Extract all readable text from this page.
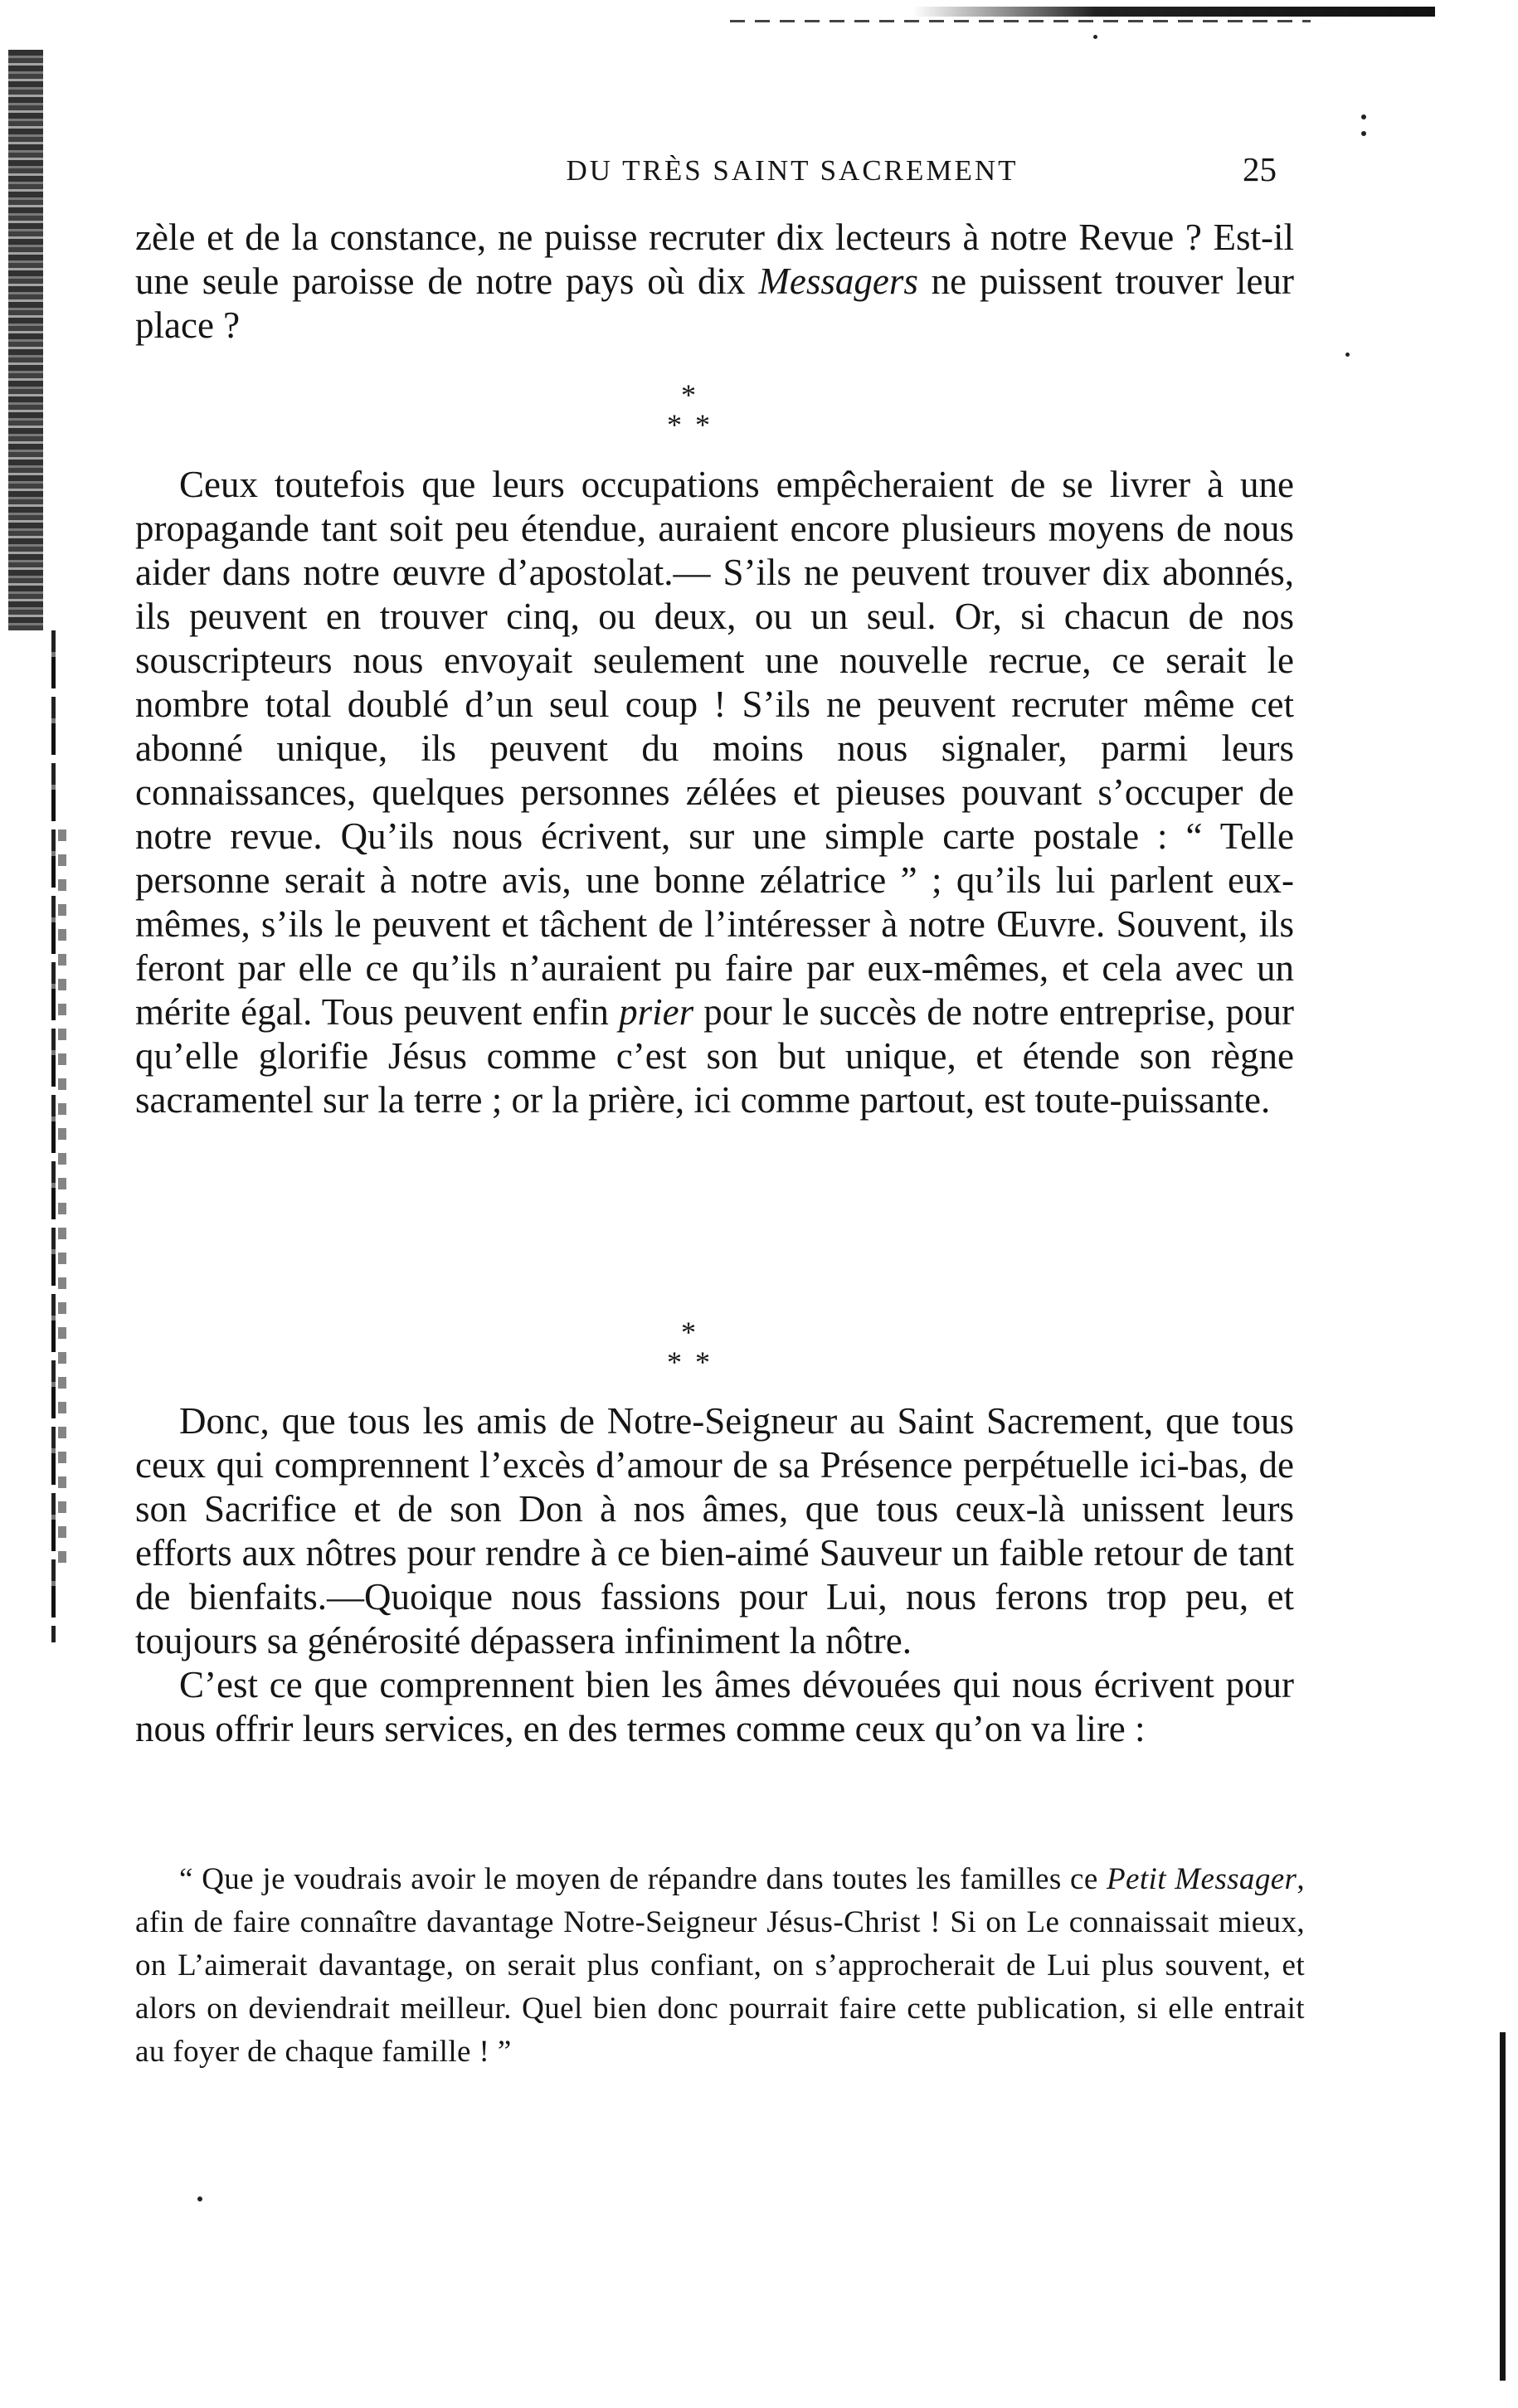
DU TRÈS SAINT SACREMENT	25

zèle et de la constance, ne puisse recruter dix lecteurs à notre Revue ? Est-il une seule paroisse de notre pays où dix Messagers ne puissent trouver leur place ?

*
**

Ceux toutefois que leurs occupations empêcheraient de se livrer à une propagande tant soit peu étendue, auraient encore plusieurs moyens de nous aider dans notre œuvre d’apostolat.— S’ils ne peuvent trouver dix abonnés, ils peuvent en trouver cinq, ou deux, ou un seul. Or, si chacun de nos souscripteurs nous envoyait seulement une nouvelle recrue, ce serait le nombre total doublé d’un seul coup ! S’ils ne peuvent recruter même cet abonné unique, ils peuvent du moins nous signaler, parmi leurs connaissances, quelques personnes zélées et pieuses pouvant s’occuper de notre revue. Qu’ils nous écrivent, sur une simple carte postale : “ Telle personne serait à notre avis, une bonne zélatrice ” ; qu’ils lui parlent eux-mêmes, s’ils le peuvent et tâchent de l’intéresser à notre Œuvre. Souvent, ils feront par elle ce qu’ils n’auraient pu faire par eux-mêmes, et cela avec un mérite égal. Tous peuvent enfin prier pour le succès de notre entreprise, pour qu’elle glorifie Jésus comme c’est son but unique, et étende son règne sacramentel sur la terre ; or la prière, ici comme partout, est toute-puissante.

*
**

Donc, que tous les amis de Notre-Seigneur au Saint Sacrement, que tous ceux qui comprennent l’excès d’amour de sa Présence perpétuelle ici-bas, de son Sacrifice et de son Don à nos âmes, que tous ceux-là unissent leurs efforts aux nôtres pour rendre à ce bien-aimé Sauveur un faible retour de tant de bienfaits.—Quoique nous fassions pour Lui, nous ferons trop peu, et toujours sa générosité dépassera infiniment la nôtre.

C’est ce que comprennent bien les âmes dévouées qui nous écrivent pour nous offrir leurs services, en des termes comme ceux qu’on va lire :

“ Que je voudrais avoir le moyen de répandre dans toutes les familles ce Petit Messager, afin de faire connaître davantage Notre-Seigneur Jésus-Christ ! Si on Le connaissait mieux, on L’aimerait davantage, on serait plus confiant, on s’approcherait de Lui plus souvent, et alors on deviendrait meilleur. Quel bien donc pourrait faire cette publication, si elle entrait au foyer de chaque famille ! ”
